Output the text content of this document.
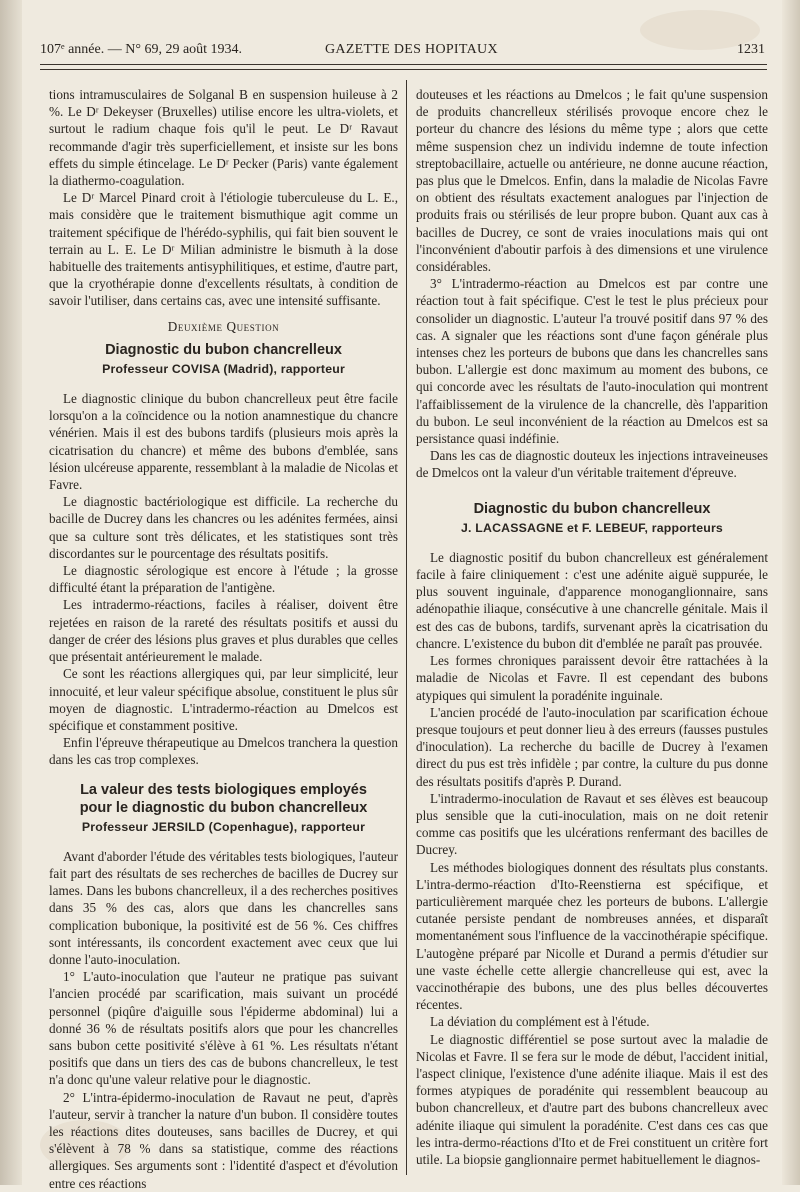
107ᵉ année. — N° 69, 29 août 1934.	GAZETTE DES HOPITAUX	1231

tions intramusculaires de Solganal B en suspension huileuse à 2 %. Le Dʳ Dekeyser (Bruxelles) utilise encore les ultra-violets, et surtout le radium chaque fois qu'il le peut. Le Dʳ Ravaut recommande d'agir très superficiellement, et insiste sur les bons effets du simple étincelage. Le Dʳ Pecker (Paris) vante également la diathermo-coagulation.

Le Dʳ Marcel Pinard croit à l'étiologie tuberculeuse du L. E., mais considère que le traitement bismuthique agit comme un traitement spécifique de l'hérédo-syphilis, qui fait bien souvent le terrain au L. E. Le Dʳ Milian administre le bismuth à la dose habituelle des traitements antisyphilitiques, et estime, d'autre part, que la cryothérapie donne d'excellents résultats, à condition de savoir l'utiliser, dans certains cas, avec une intensité suffisante.

Deuxième Question
Diagnostic du bubon chancrelleux
Professeur COVISA (Madrid), rapporteur

Le diagnostic clinique du bubon chancrelleux peut être facile lorsqu'on a la coïncidence ou la notion anamnestique du chancre vénérien. Mais il est des bubons tardifs (plusieurs mois après la cicatrisation du chancre) et même des bubons d'emblée, sans lésion ulcéreuse apparente, ressemblant à la maladie de Nicolas et Favre.

Le diagnostic bactériologique est difficile. La recherche du bacille de Ducrey dans les chancres ou les adénites fermées, ainsi que sa culture sont très délicates, et les statistiques sont très discordantes sur le pourcentage des résultats positifs.

Le diagnostic sérologique est encore à l'étude ; la grosse difficulté étant la préparation de l'antigène.

Les intradermo-réactions, faciles à réaliser, doivent être rejetées en raison de la rareté des résultats positifs et aussi du danger de créer des lésions plus graves et plus durables que celles que présentait antérieurement le malade.

Ce sont les réactions allergiques qui, par leur simplicité, leur innocuité, et leur valeur spécifique absolue, constituent le plus sûr moyen de diagnostic. L'intradermo-réaction au Dmelcos est spécifique et constamment positive.

Enfin l'épreuve thérapeutique au Dmelcos tranchera la question dans les cas trop complexes.

La valeur des tests biologiques employés
pour le diagnostic du bubon chancrelleux
Professeur JERSILD (Copenhague), rapporteur

Avant d'aborder l'étude des véritables tests biologiques, l'auteur fait part des résultats de ses recherches de bacilles de Ducrey sur lames. Dans les bubons chancrelleux, il a des recherches positives dans 35 % des cas, alors que dans les chancrelles sans complication bubonique, la positivité est de 56 %. Ces chiffres sont intéressants, ils concordent exactement avec ceux que lui donne l'auto-inoculation.

1° L'auto-inoculation que l'auteur ne pratique pas suivant l'ancien procédé par scarification, mais suivant un procédé personnel (piqûre d'aiguille sous l'épiderme abdominal) lui a donné 36 % de résultats positifs alors que pour les chancrelles sans bubon cette positivité s'élève à 61 %. Les résultats n'étant positifs que dans un tiers des cas de bubons chancrelleux, le test n'a donc qu'une valeur relative pour le diagnostic.

2° L'intra-épidermo-inoculation de Ravaut ne peut, d'après l'auteur, servir à trancher la nature d'un bubon. Il considère toutes les réactions dites douteuses, sans bacilles de Ducrey, et qui s'élèvent à 78 % dans sa statistique, comme des réactions allergiques. Ses arguments sont : l'identité d'aspect et d'évolution entre ces réactions

douteuses et les réactions au Dmelcos ; le fait qu'une suspension de produits chancrelleux stérilisés provoque encore chez le porteur du chancre des lésions du même type ; alors que cette même suspension chez un individu indemne de toute infection streptobacillaire, actuelle ou antérieure, ne donne aucune réaction, pas plus que le Dmelcos. Enfin, dans la maladie de Nicolas Favre on obtient des résultats exactement analogues par l'injection de produits frais ou stérilisés de leur propre bubon. Quant aux cas à bacilles de Ducrey, ce sont de vraies inoculations mais qui ont l'inconvénient d'aboutir parfois à des dimensions et une virulence considérables.

3° L'intradermo-réaction au Dmelcos est par contre une réaction tout à fait spécifique. C'est le test le plus précieux pour consolider un diagnostic. L'auteur l'a trouvé positif dans 97 % des cas. A signaler que les réactions sont d'une façon générale plus intenses chez les porteurs de bubons que dans les chancrelles sans bubon. L'allergie est donc maximum au moment des bubons, ce qui concorde avec les résultats de l'auto-inoculation qui montrent l'affaiblissement de la virulence de la chancrelle, dès l'apparition du bubon. Le seul inconvénient de la réaction au Dmelcos est sa persistance quasi indéfinie.

Dans les cas de diagnostic douteux les injections intraveineuses de Dmelcos ont la valeur d'un véritable traitement d'épreuve.

Diagnostic du bubon chancrelleux
J. LACASSAGNE et F. LEBEUF, rapporteurs

Le diagnostic positif du bubon chancrelleux est généralement facile à faire cliniquement : c'est une adénite aiguë suppurée, le plus souvent inguinale, d'apparence monoganglionnaire, sans adénopathie iliaque, consécutive à une chancrelle génitale. Mais il est des cas de bubons, tardifs, survenant après la cicatrisation du chancre. L'existence du bubon dit d'emblée ne paraît pas prouvée.

Les formes chroniques paraissent devoir être rattachées à la maladie de Nicolas et Favre. Il est cependant des bubons atypiques qui simulent la poradénite inguinale.

L'ancien procédé de l'auto-inoculation par scarification échoue presque toujours et peut donner lieu à des erreurs (fausses pustules d'inoculation). La recherche du bacille de Ducrey à l'examen direct du pus est très infidèle ; par contre, la culture du pus donne des résultats positifs d'après P. Durand.

L'intradermo-inoculation de Ravaut et ses élèves est beaucoup plus sensible que la cuti-inoculation, mais on ne doit retenir comme cas positifs que les ulcérations renfermant des bacilles de Ducrey.

Les méthodes biologiques donnent des résultats plus constants. L'intra-dermo-réaction d'Ito-Reenstierna est spécifique, et particulièrement marquée chez les porteurs de bubons. L'allergie cutanée persiste pendant de nombreuses années, et disparaît momentanément sous l'influence de la vaccinothérapie spécifique. L'autogène préparé par Nicolle et Durand a permis d'étudier sur une vaste échelle cette allergie chancrelleuse qui est, avec la vaccinothérapie des bubons, une des plus belles découvertes récentes.

La déviation du complément est à l'étude.

Le diagnostic différentiel se pose surtout avec la maladie de Nicolas et Favre. Il se fera sur le mode de début, l'accident initial, l'aspect clinique, l'existence d'une adénite iliaque. Mais il est des formes atypiques de poradénite qui ressemblent beaucoup au bubon chancrelleux, et d'autre part des bubons chancrelleux avec adénite iliaque qui simulent la poradénite. C'est dans ces cas que les intra-dermo-réactions d'Ito et de Frei constituent un critère fort utile. La biopsie ganglionnaire permet habituellement le diagnos-
